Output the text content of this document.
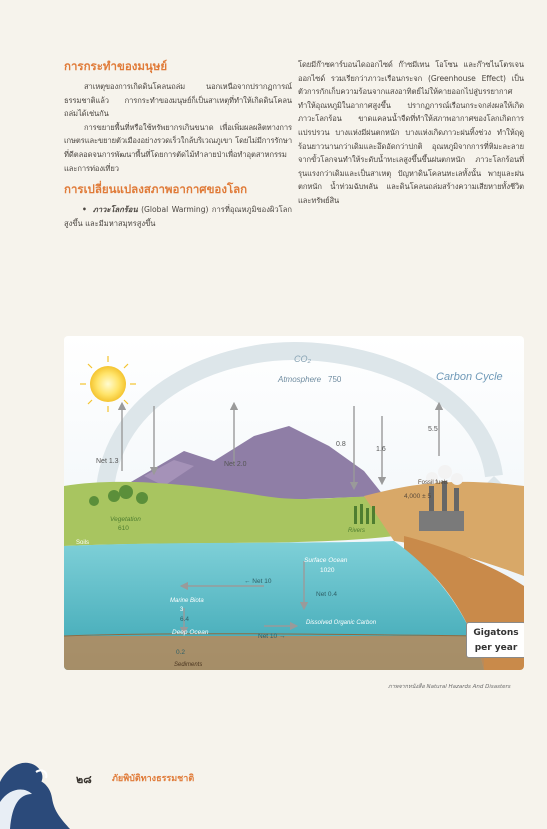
การกระทำของมนุษย์
สาเหตุของการเกิดดินโคลนถล่ม นอกเหนือจากปรากฏการณ์ธรรมชาติแล้ว การกระทำของมนุษย์ก็เป็นสาเหตุที่ทำให้เกิดดินโคลนถล่มได้เช่นกัน
การขยายพื้นที่หรือใช้ทรัพยากรเกินขนาด เพื่อเพิ่มผลผลิตทางการเกษตรและขยายตัวเมืองอย่างรวดเร็วใกล้บริเวณภูเขา โดยไม่มีการรักษาที่ดีตลอดจนการพัฒนาพื้นที่โดยการตัดไม้ทำลายป่าเพื่อทำอุตสาหกรรมและการท่องเที่ยว
การเปลี่ยนแปลงสภาพอากาศของโลก
• ภาวะโลกร้อน (Global Warming) การที่อุณหภูมิของผิวโลกสูงขึ้น และมีมหาสมุทรสูงขึ้น
โดยมีก๊าซคาร์บอนไดออกไซด์ ก๊าซมีเทน โอโซน และก๊าซไนโตรเจนออกไซด์ รวมเรียกว่าภาวะเรือนกระจก (Greenhouse Effect) เป็นตัวการกักเก็บความร้อนจากแสงอาทิตย์ไม่ให้คายออกไปสู่บรรยากาศ ทำให้อุณหภูมิในอากาศสูงขึ้น ปรากฏการณ์เรือนกระจกส่งผลให้เกิดภาวะโลกร้อน ขาดแคลนน้ำจืดที่ทำให้สภาพอากาศของโลกเกิดการแปรปรวน บางแห่งมีฝนตกหนัก บางแห่งเกิดภาวะฝนทิ้งช่วง ทำให้ฤดูร้อนยาวนานกว่าเดิมและอึดอัดกว่าปกติ อุณหภูมิจากการที่หิมะละลายจากขั้วโลกจนทำให้ระดับน้ำทะเลสูงขึ้นขึ้นฝนตกหนัก ภาวะโลกร้อนที่รุนแรงกว่าเดิมและเป็นสาเหตุ ปัญหาดินโคลนทะเลทั้งนั้น พายุและฝนตกหนัก น้ำท่วมฉับพลัน และดินโคลนถล่มสร้างความเสียหายทั้งชีวิตและทรัพย์สิน
CO₂
Atmosphere 750	Carbon Cycle
Net 1.3	Net 2.0
0.8
1.6
5.5
Vegetation
610
Soils
Fossil fuels
4,000 ± 5
Rivers
Surface Ocean
1020
← Net 10
Net 0.4
Marine Biota
3
6.4
Deep Ocean
Net 10 →
Dissolved Organic Carbon
0.2
Sediments
Gigatons
per year
ภาพจากหนังสือ Natural Hazards And Disasters
๒๘ ภัยพิบัติทางธรรมชาติ
